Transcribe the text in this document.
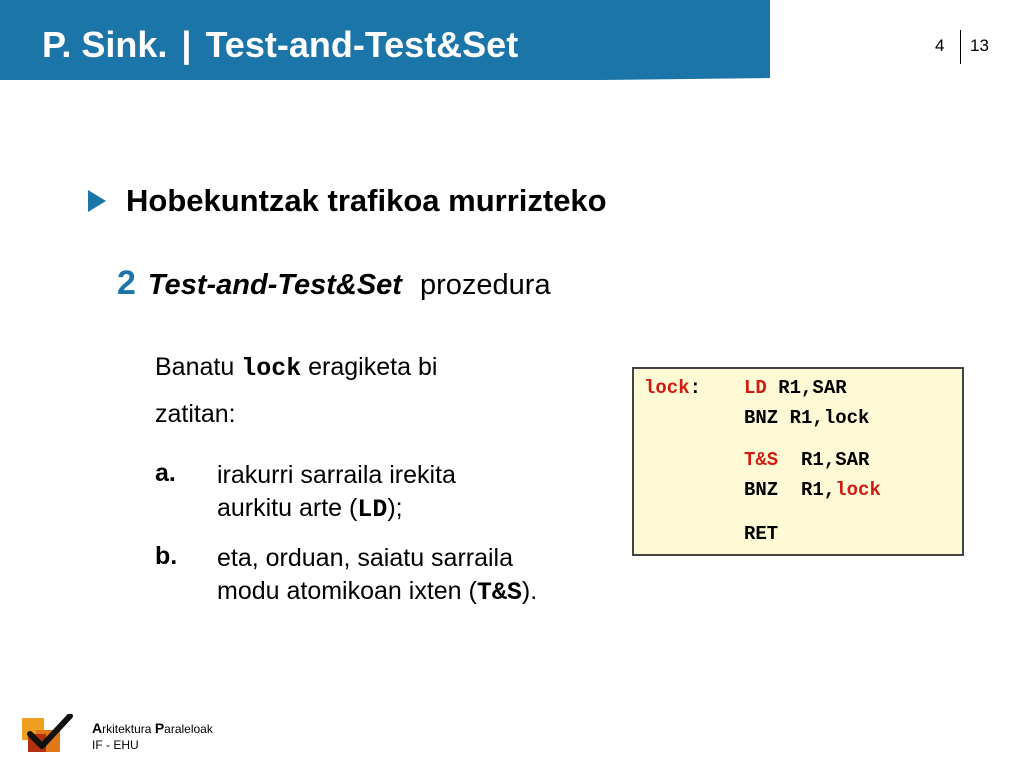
P. Sink. | Test-and-Test&Set	4 13
Hobekuntzak trafikoa murrizteko
2 Test-and-Test&Set prozedura
Banatu lock eragiketa bi
zatitan:
a. irakurri sarraila irekita
aurkitu arte (LD);
b. eta, orduan, saiatu sarraila
modu atomikoan ixten (T&S).
lock: LD R1,SAR
BNZ R1,lock
T&S R1,SAR
BNZ R1,lock
RET
Arkitektura Paraleloak
IF - EHU
